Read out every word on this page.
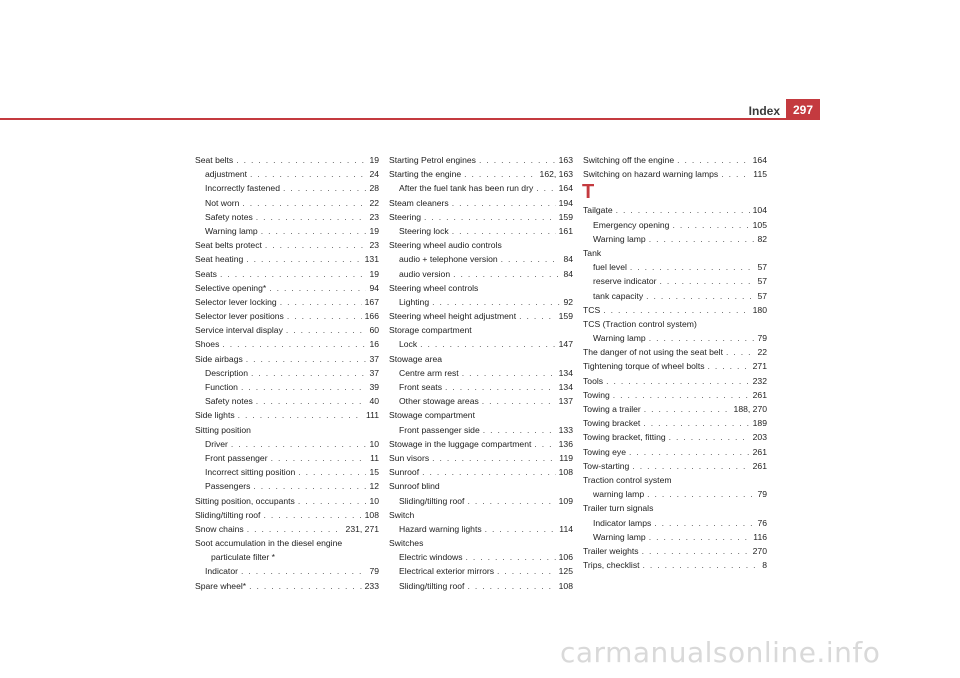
Index	297
Seat belts . . .	19
adjustment . . .	24
Incorrectly fastened . . .	28
Not worn . . .	22
Safety notes . . .	23
Warning lamp . . .	19
Seat belts protect . . .	23
Seat heating . . .	131
Seats . . .	19
Selective opening* . . .	94
Selector lever locking . . .	167
Selector lever positions . . .	166
Service interval display . . .	60
Shoes . . .	16
Side airbags . . .	37
Description . . .	37
Function . . .	39
Safety notes . . .	40
Side lights . . .	111
Sitting position
Driver . . .	10
Front passenger . . .	11
Incorrect sitting position . . .	15
Passengers . . .	12
Sitting position, occupants . . .	10
Sliding/tilting roof . . .	108
Snow chains . . .	231, 271
Soot accumulation in the diesel engine
particulate filter *
Indicator . . .	79
Spare wheel* . . .	233
Starting Petrol engines . . .	163
Starting the engine . . .	162, 163
After the fuel tank has been run dry . . .	164
Steam cleaners . . .	194
Steering . . .	159
Steering lock . . .	161
Steering wheel audio controls
audio + telephone version . . .	84
audio version . . .	84
Steering wheel controls
Lighting . . .	92
Steering wheel height adjustment . . .	159
Storage compartment
Lock . . .	147
Stowage area
Centre arm rest . . .	134
Front seats . . .	134
Other stowage areas . . .	137
Stowage compartment
Front passenger side . . .	133
Stowage in the luggage compartment . . .	136
Sun visors . . .	119
Sunroof . . .	108
Sunroof blind
Sliding/tilting roof . . .	109
Switch
Hazard warning lights . . .	114
Switches
Electric windows . . .	106
Electrical exterior mirrors . . .	125
Sliding/tilting roof . . .	108
Switching off the engine . . .	164
Switching on hazard warning lamps . . .	115
T
Tailgate . . .	104
Emergency opening . . .	105
Warning lamp . . .	82
Tank
fuel level . . .	57
reserve indicator . . .	57
tank capacity . . .	57
TCS . . .	180
TCS (Traction control system)
Warning lamp . . .	79
The danger of not using the seat belt . . .	22
Tightening torque of wheel bolts . . .	271
Tools . . .	232
Towing . . .	261
Towing a trailer . . .	188, 270
Towing bracket . . .	189
Towing bracket, fitting . . .	203
Towing eye . . .	261
Tow-starting . . .	261
Traction control system
warning lamp . . .	79
Trailer turn signals
Indicator lamps . . .	76
Warning lamp . . .	116
Trailer weights . . .	270
Trips, checklist . . .	8
carmanualsonline.info
